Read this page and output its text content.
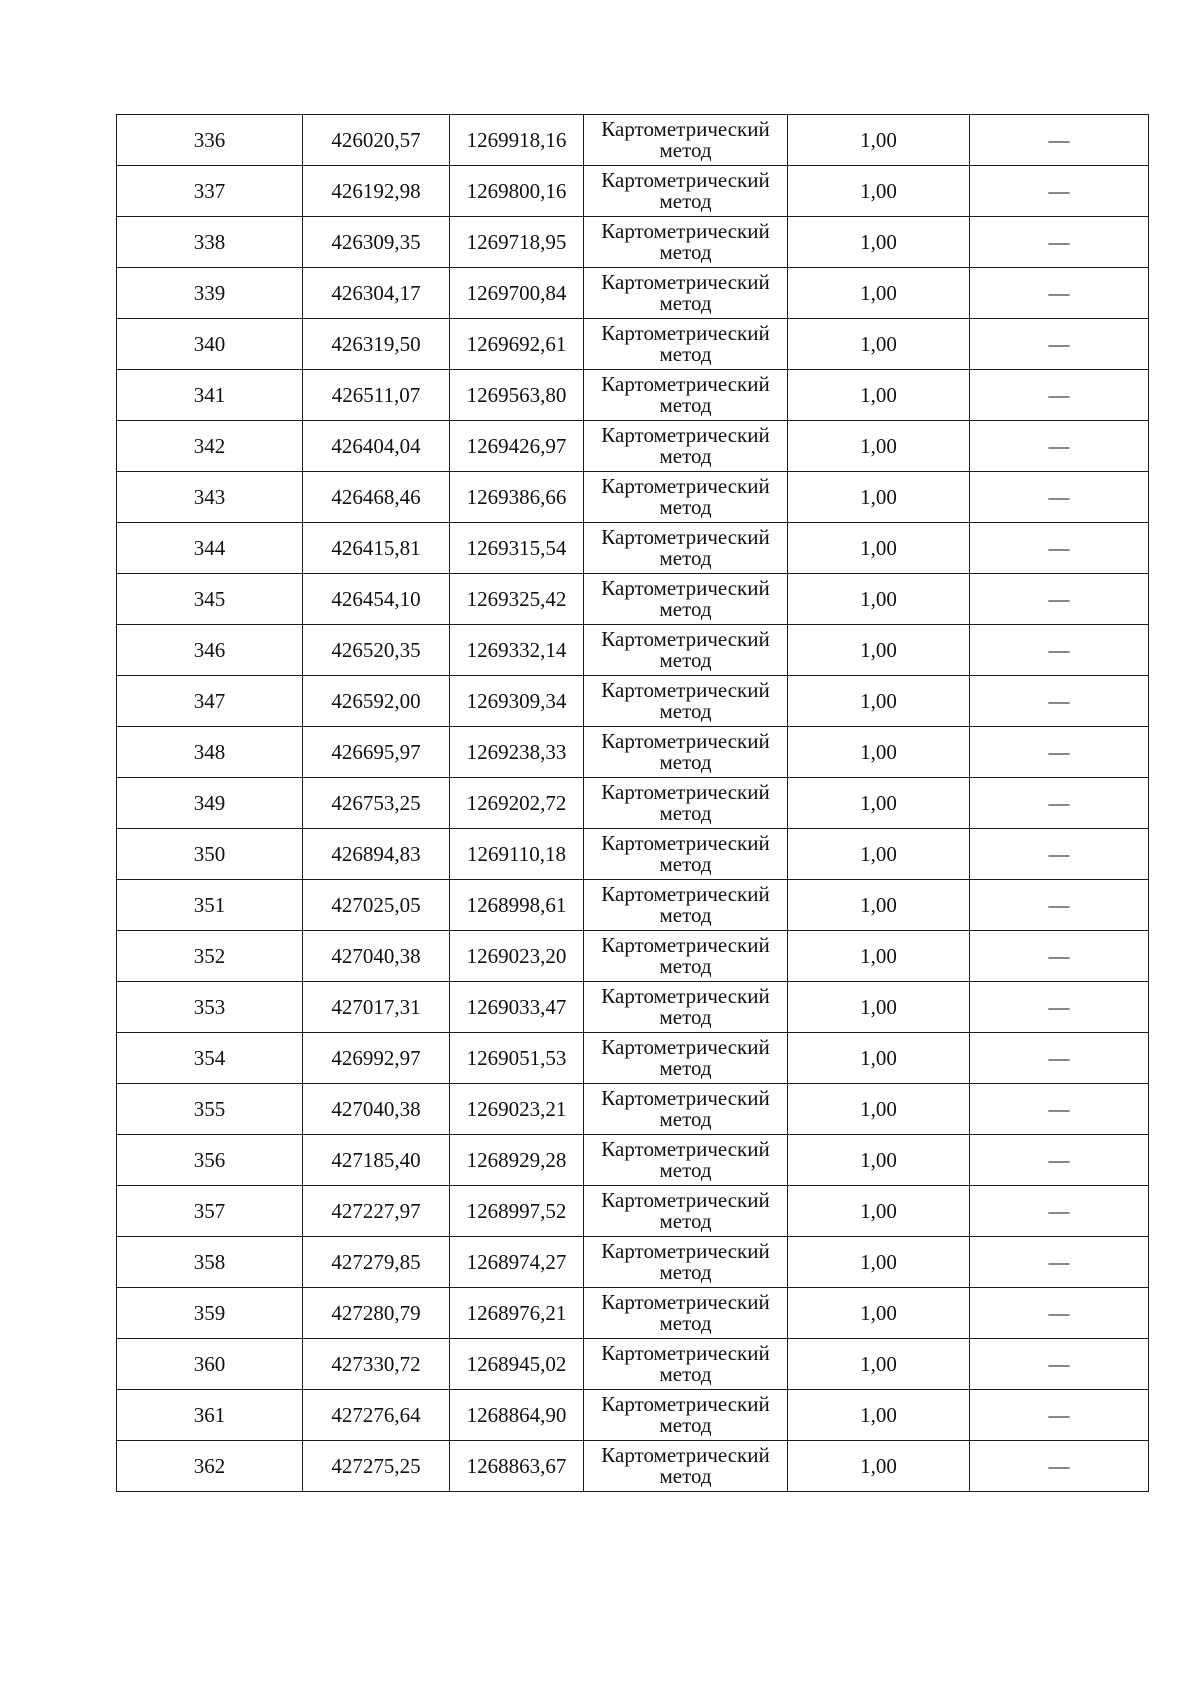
336	426020,57	1269918,16	Картометрический
метод	1,00	—
337	426192,98	1269800,16	Картометрический
метод	1,00	—
338	426309,35	1269718,95	Картометрический
метод	1,00	—
339	426304,17	1269700,84	Картометрический
метод	1,00	—
340	426319,50	1269692,61	Картометрический
метод	1,00	—
341	426511,07	1269563,80	Картометрический
метод	1,00	—
342	426404,04	1269426,97	Картометрический
метод	1,00	—
343	426468,46	1269386,66	Картометрический
метод	1,00	—
344	426415,81	1269315,54	Картометрический
метод	1,00	—
345	426454,10	1269325,42	Картометрический
метод	1,00	—
346	426520,35	1269332,14	Картометрический
метод	1,00	—
347	426592,00	1269309,34	Картометрический
метод	1,00	—
348	426695,97	1269238,33	Картометрический
метод	1,00	—
349	426753,25	1269202,72	Картометрический
метод	1,00	—
350	426894,83	1269110,18	Картометрический
метод	1,00	—
351	427025,05	1268998,61	Картометрический
метод	1,00	—
352	427040,38	1269023,20	Картометрический
метод	1,00	—
353	427017,31	1269033,47	Картометрический
метод	1,00	—
354	426992,97	1269051,53	Картометрический
метод	1,00	—
355	427040,38	1269023,21	Картометрический
метод	1,00	—
356	427185,40	1268929,28	Картометрический
метод	1,00	—
357	427227,97	1268997,52	Картометрический
метод	1,00	—
358	427279,85	1268974,27	Картометрический
метод	1,00	—
359	427280,79	1268976,21	Картометрический
метод	1,00	—
360	427330,72	1268945,02	Картометрический
метод	1,00	—
361	427276,64	1268864,90	Картометрический
метод	1,00	—
362	427275,25	1268863,67	Картометрический
метод	1,00	—
